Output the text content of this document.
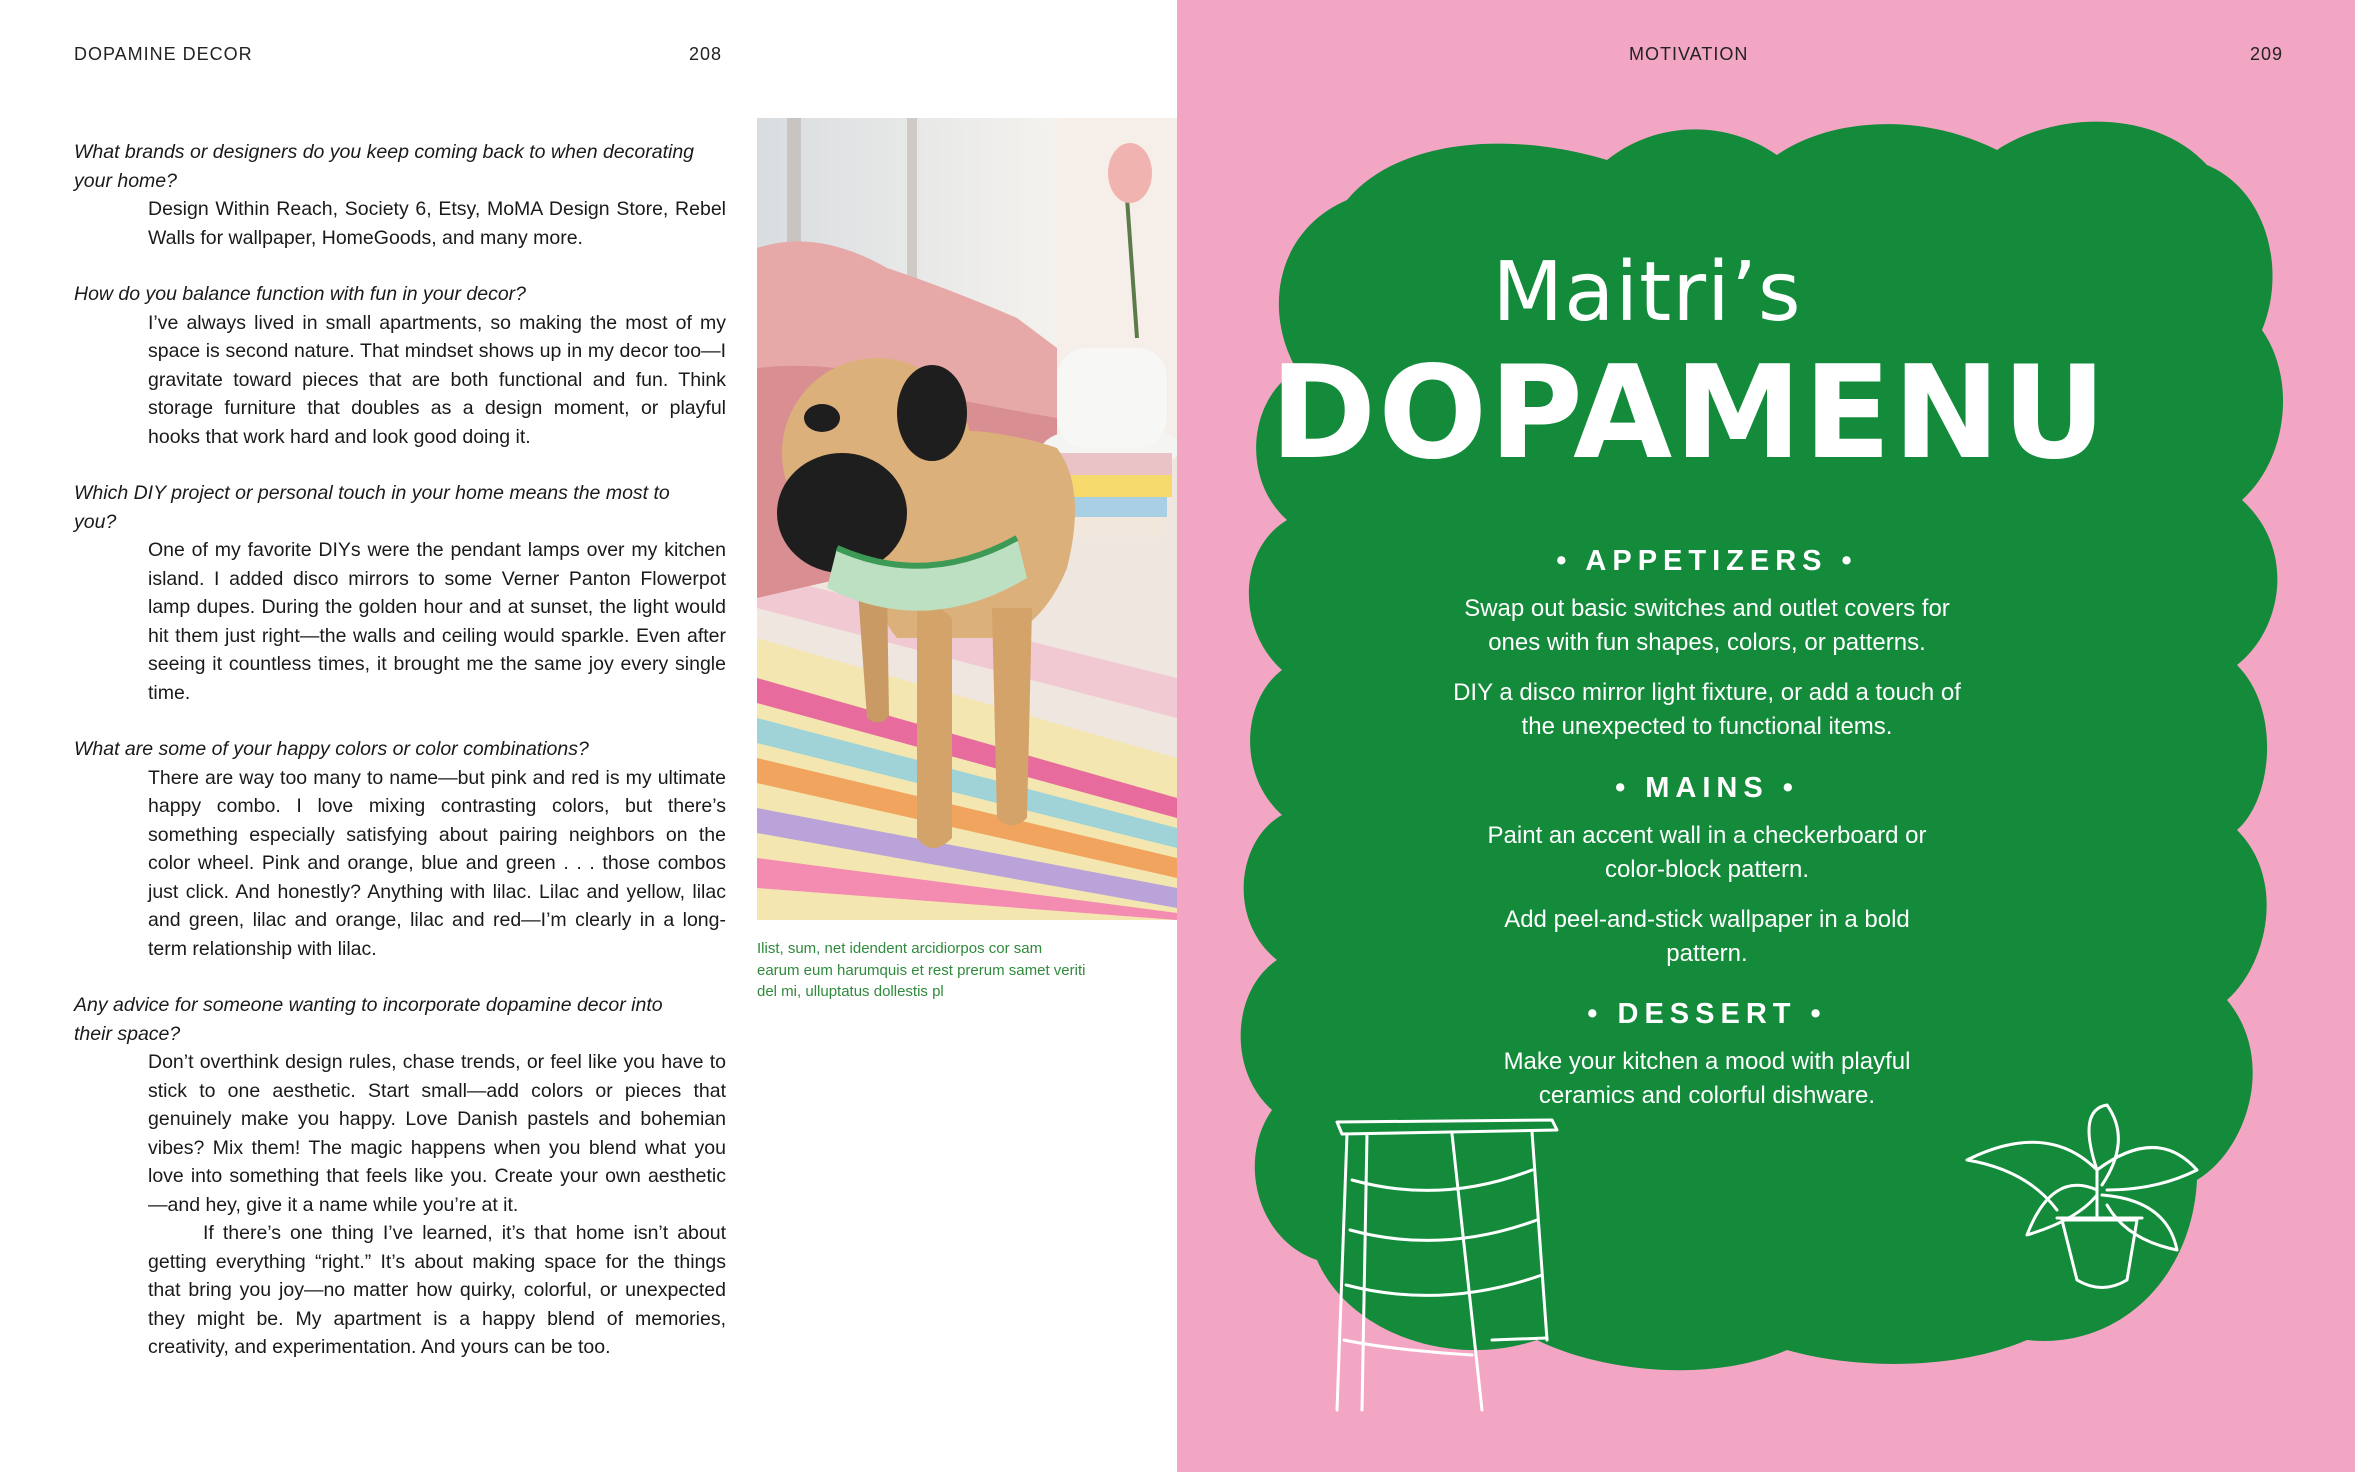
DOPAMINE DECOR	208
What brands or designers do you keep coming back to when decorating your home?

Design Within Reach, Society 6, Etsy, MoMA Design Store, Rebel Walls for wallpaper, HomeGoods, and many more.

How do you balance function with fun in your decor?

I’ve always lived in small apartments, so making the most of my space is second nature. That mindset shows up in my decor too—I gravitate toward pieces that are both functional and fun. Think storage furniture that doubles as a design moment, or playful hooks that work hard and look good doing it.

Which DIY project or personal touch in your home means the most to you?

One of my favorite DIYs were the pendant lamps over my kitchen island. I added disco mirrors to some Verner Panton Flowerpot lamp dupes. During the golden hour and at sunset, the light would hit them just right—the walls and ceiling would sparkle. Even after seeing it countless times, it brought me the same joy every single time.

What are some of your happy colors or color combinations?

There are way too many to name—but pink and red is my ultimate happy combo. I love mixing contrasting colors, but there’s something especially satisfying about pairing neighbors on the color wheel. Pink and orange, blue and green . . . those combos just click. And honestly? Anything with lilac. Lilac and yellow, lilac and green, lilac and orange, lilac and red—I’m clearly in a long-term relationship with lilac.

Any advice for someone wanting to incorporate dopamine decor into their space?

Don’t overthink design rules, chase trends, or feel like you have to stick to one aesthetic. Start small—add colors or pieces that genuinely make you happy. Love Danish pastels and bohemian vibes? Mix them! The magic happens when you blend what you love into something that feels like you. Create your own aesthetic—and hey, give it a name while you’re at it.

If there’s one thing I’ve learned, it’s that home isn’t about getting everything “right.” It’s about making space for the things that bring you joy—no matter how quirky, colorful, or unexpected they might be. My apartment is a happy blend of memories, creativity, and experimentation. And yours can be too.

Ilist, sum, net idendent arcidiorpos cor sam earum eum harumquis et rest prerum samet veriti del mi, ulluptatus dollestis pl
MOTIVATION	209
Maitri’s
DOPAMENU
• APPETIZERS •
Swap out basic switches and outlet covers for ones with fun shapes, colors, or patterns.
DIY a disco mirror light fixture, or add a touch of the unexpected to functional items.
• MAINS •
Paint an accent wall in a checkerboard or color-block pattern.
Add peel-and-stick wallpaper in a bold pattern.
• DESSERT •
Make your kitchen a mood with playful ceramics and colorful dishware.
